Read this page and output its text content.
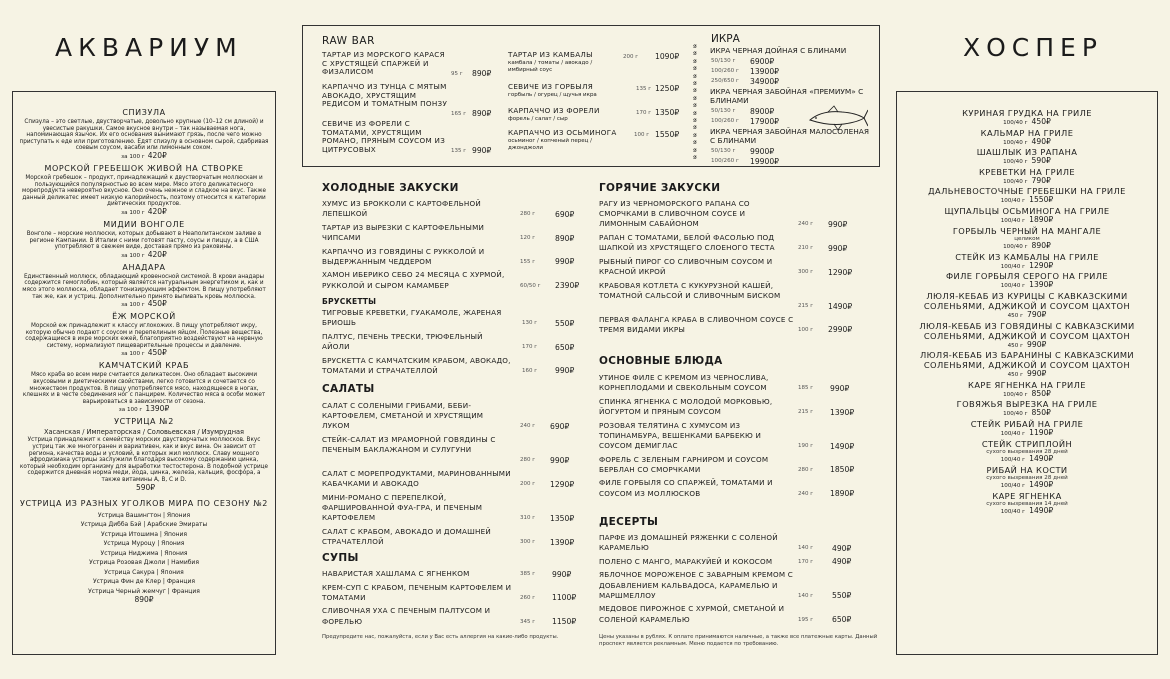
АКВАРИУМ
СПИЗУЛА

Спизула – это светлые, двустворчатые, довольно крупные (10–12 см длиной) и увесистые ракушки. Самое вкусное внутри – так называемая нога, напоминающая язычок. Их его основания вынимают грязь, после чего можно приступать к еде или приготовлению. Едят спизулу в основном сырой, сдабривая соевым соусом, васаби или лимонным соком.

за 100 г 420₽
МОРСКОЙ ГРЕБЕШОК ЖИВОЙ НА СТВОРКЕ

Морской гребешок – продукт, принадлежащий к двустворчатым моллюскам и пользующийся популярностью во всем мире. Мясо этого деликатесного морепродукта невероятно вкусное. Оно очень нежное и сладкое на вкус. Также данный деликатес имеет низкую калорийность, поэтому относится к категории диетических продуктов.

за 100 г 420₽
МИДИИ ВОНГОЛЕ

Вонголе – морские моллюски, которых добывают в Неаполитанском заливе в регионе Кампании. В Италии с ними готовят пасту, соусы и пиццу, а в США употребляют в свежем виде, доставая прямо из раковины.

за 100 г 420₽
АНАДАРА

Единственный моллюск, обладающий кровеносной системой. В крови анадары содержится гемоглобин, который является натуральным энергетиком и, как и мясо этого моллюска, обладает тонизирующим эффектом. В пищу употребляют так же, как и устриц. Дополнительно принято выпивать кровь моллюска.

за 100 г 450₽
ЁЖ МОРСКОЙ

Морской еж принадлежит к классу иглокожих. В пищу употребляют икру, которую обычно подают с соусом и перепелиным яйцом. Полезные вещества, содержащиеся в икре морских ежей, благоприятно воздействуют на нервную систему, нормализуют пищеварительные процессы и давление.

за 100 г 450₽
КАМЧАТСКИЙ КРАБ

Мясо краба во всем мире считается деликатесом. Оно обладает высокими вкусовыми и диетическими свойствами, легко готовится и сочетается со множеством продуктов. В пищу употребляется мясо, находящееся в ногах, клешнях и в честе соединения ног с панцирем. Количество мяса в особи может варьироваться в зависимости от сезона.

за 100 г 1390₽
УСТРИЦА №2
Хасанская / Императорская / Соловьевская / Изумрудная

Устрица принадлежит к семейству морских двустворчатых моллюсков. Вкус устриц так же многогранен и вариативен, как и вкус вина. Он зависит от региона, качества воды и условий, в которых жил моллюск. Славу мощного афродизиака устрицы заслужили благодаря высокому содержанию цинка, который необходим организму для выработки тестостерона. В подобной устрице содержится дневная норма меди, йода, цинка, железа, кальция, фосфора, а также витамины A, B, C и D.

590₽
УСТРИЦА ИЗ РАЗНЫХ УГОЛКОВ МИРА ПО СЕЗОНУ №2
Устрица Вашингтон | Япония
Устрица Дибба Бэй | Арабские Эмираты
Устрица Итошима | Япония
Устрица Муроцу | Япония
Устрица Ниджима | Япония
Устрица Розовая Джоли | Намибия
Устрица Сакура | Япония
Устрица Фин де Клер | Франция
Устрица Черный жемчуг | Франция
890₽
RAW BAR
ТАРТАР ИЗ МОРСКОГО КАРАСЯ С ХРУСТЯЩЕЙ СПАРЖЕЙ И ФИЗАЛИСОМ	95 г 890₽
КАРПАЧЧО ИЗ ТУНЦА С МЯТЫМ АВОКАДО, ХРУСТЯЩИМ РЕДИСОМ И ТОМАТНЫМ ПОНЗУ
165 г 890₽
СЕВИЧЕ ИЗ ФОРЕЛИ С ТОМАТАМИ, ХРУСТЯЩИМ РОМАНО, ПРЯНЫМ СОУСОМ ИЗ ЦИТРУСОВЫХ	135 г 990₽
ТАРТАР ИЗ КАМБАЛЫ
камбала / томаты / авокадо / имбирный соус
200 г 1090₽
СЕВИЧЕ ИЗ ГОРБЫЛЯ
горбыль / огурец / щучья икра
135 г 1250₽
КАРПАЧЧО ИЗ ФОРЕЛИ
форель / салат / сыр
170 г 1350₽
КАРПАЧЧО ИЗ ОСЬМИНОГА
осьминог / копченый перец / джонджоли
100 г 1550₽
ИКРА
ϧ
ϧ
ϧ
ϧ
ϧ
ϧ
ϧ
ϧ
ϧ
ϧ
ϧ
ϧ
ϧ
ϧ
ϧ
ϧ
ИКРА ЧЕРНАЯ ДОЙНАЯ С БЛИНАМИ
50/130 г 6900₽
100/260 г 13900₽
250/650 г 34900₽
ИКРА ЧЕРНАЯ ЗАБОЙНАЯ «ПРЕМИУМ» С БЛИНАМИ
50/130 г 8900₽
100/260 г 17900₽
ИКРА ЧЕРНАЯ ЗАБОЙНАЯ МАЛОСОЛЕНАЯ С БЛИНАМИ
50/130 г 9900₽
100/260 г 19900₽
ХОЛОДНЫЕ ЗАКУСКИ
ХУМУС ИЗ БРОККОЛИ С КАРТОФЕЛЬНОЙ ЛЕПЕШКОЙ	280 г	690₽
ТАРТАР ИЗ ВЫРЕЗКИ С КАРТОФЕЛЬНЫМИ ЧИПСАМИ	120 г	890₽
КАРПАЧЧО ИЗ ГОВЯДИНЫ С РУККОЛОЙ И ВЫДЕРЖАННЫМ ЧЕДДЕРОМ	155 г	990₽
ХАМОН ИБЕРИКО СЕБО 24 МЕСЯЦА С ХУРМОЙ, РУККОЛОЙ И СЫРОМ КАМАМБЕР	60/50 г 2390₽
БРУСКЕТТЫ
ТИГРОВЫЕ КРЕВЕТКИ, ГУАКАМОЛЕ, ЖАРЕНАЯ БРИОШЬ	130 г 550₽
ПАЛТУС, ПЕЧЕНЬ ТРЕСКИ, ТРЮФЕЛЬНЫЙ АЙОЛИ	170 г 650₽
БРУСКЕТТА С КАМЧАТСКИМ КРАБОМ, АВОКАДО, ТОМАТАМИ И СТРАЧАТЕЛЛОЙ	160 г 990₽
САЛАТЫ
САЛАТ С СОЛЕНЫМИ ГРИБАМИ, БЕБИ-КАРТОФЕЛЕМ, СМЕТАНОЙ И ХРУСТЯЩИМ ЛУКОМ	240 г 690₽
СТЕЙК-САЛАТ ИЗ МРАМОРНОЙ ГОВЯДИНЫ С ПЕЧЕНЫМ БАКЛАЖАНОМ И СУЛУГУНИ
280 г 990₽
САЛАТ С МОРЕПРОДУКТАМИ, МАРИНОВАННЫМИ КАБАЧКАМИ И АВОКАДО	200 г 1290₽
МИНИ-РОМАНО С ПЕРЕПЕЛКОЙ, ФАРШИРОВАННОЙ ФУА-ГРА, И ПЕЧЕНЫМ КАРТОФЕЛЕМ	310 г 1350₽
САЛАТ С КРАБОМ, АВОКАДО И ДОМАШНЕЙ СТРАЧАТЕЛЛОЙ	300 г 1390₽
СУПЫ
НАВАРИСТАЯ ХАШЛАМА С ЯГНЕНКОМ	385 г 990₽
КРЕМ-СУП С КРАБОМ, ПЕЧЕНЫМ КАРТОФЕЛЕМ И ТОМАТАМИ	260 г 1100₽
СЛИВОЧНАЯ УХА С ПЕЧЕНЫМ ПАЛТУСОМ И ФОРЕЛЬЮ	345 г 1150₽
Предупредите нас, пожалуйста, если у Вас есть аллергия на какие-либо продукты.
ГОРЯЧИЕ ЗАКУСКИ
РАГУ ИЗ ЧЕРНОМОРСКОГО РАПАНА СО СМОРЧКАМИ В СЛИВОЧНОМ СОУСЕ И ЛИМОННЫМ САБАЙОНОМ	240 г 990₽
РАПАН С ТОМАТАМИ, БЕЛОЙ ФАСОЛЬЮ ПОД ШАПКОЙ ИЗ ХРУСТЯЩЕГО СЛОЕНОГО ТЕСТА	210 г 990₽
РЫБНЫЙ ПИРОГ СО СЛИВОЧНЫМ СОУСОМ И КРАСНОЙ ИКРОЙ	300 г 1290₽
КРАБОВАЯ КОТЛЕТА С КУКУРУЗНОЙ КАШЕЙ, ТОМАТНОЙ САЛЬСОЙ И СЛИВОЧНЫМ БИСКОМ
215 г 1490₽
ПЕРВАЯ ФАЛАНГА КРАБА В СЛИВОЧНОМ СОУСЕ С ТРЕМЯ ВИДАМИ ИКРЫ	100 г 2990₽
ОСНОВНЫЕ БЛЮДА
УТИНОЕ ФИЛЕ С КРЕМОМ ИЗ ЧЕРНОСЛИВА, КОРНЕПЛОДАМИ И СВЕКОЛЬНЫМ СОУСОМ	185 г 990₽
СПИНКА ЯГНЕНКА С МОЛОДОЙ МОРКОВЬЮ, ЙОГУРТОМ И ПРЯНЫМ СОУСОМ	215 г 1390₽
РОЗОВАЯ ТЕЛЯТИНА С ХУМУСОМ ИЗ ТОПИНАМБУРА, ВЕШЕНКАМИ БАРБЕКЮ И СОУСОМ ДЕМИГЛАС	190 г 1490₽
ФОРЕЛЬ С ЗЕЛЕНЫМ ГАРНИРОМ И СОУСОМ БЕРБЛАН СО СМОРЧКАМИ	280 г 1850₽
ФИЛЕ ГОРБЫЛЯ СО СПАРЖЕЙ, ТОМАТАМИ И СОУСОМ ИЗ МОЛЛЮСКОВ	240 г 1890₽
ДЕСЕРТЫ
ПАРФЕ ИЗ ДОМАШНЕЙ РЯЖЕНКИ С СОЛЕНОЙ КАРАМЕЛЬЮ	140 г 490₽
ПОЛЕНО С МАНГО, МАРАКУЙЕЙ И КОКОСОМ	170 г 490₽
ЯБЛОЧНОЕ МОРОЖЕНОЕ С ЗАВАРНЫМ КРЕМОМ С ДОБАВЛЕНИЕМ КАЛЬВАДОСА, КАРАМЕЛЬЮ И МАРШМЕЛЛОУ	140 г 550₽
МЕДОВОЕ ПИРОЖНОЕ С ХУРМОЙ, СМЕТАНОЙ И СОЛЕНОЙ КАРАМЕЛЬЮ	195 г 650₽
Цены указаны в рублях. К оплате принимаются наличные, а также все платежные карты. Данный проспект является рекламным. Меню подается по требованию.
ХОСПЕР
КУРИНАЯ ГРУДКА НА ГРИЛЕ
100/40 г 450₽
КАЛЬМАР НА ГРИЛЕ
100/40 г 490₽
ШАШЛЫК ИЗ РАПАНА
100/40 г 590₽
КРЕВЕТКИ НА ГРИЛЕ
100/40 г 790₽
ДАЛЬНЕВОСТОЧНЫЕ ГРЕБЕШКИ НА ГРИЛЕ
100/40 г 1550₽
ЩУПАЛЬЦЫ ОСЬМИНОГА НА ГРИЛЕ
100/40 г 1890₽
ГОРБЫЛЬ ЧЕРНЫЙ НА МАНГАЛЕ
целиком
100/40 г 890₽
СТЕЙК ИЗ КАМБАЛЫ НА ГРИЛЕ
100/40 г 1290₽
ФИЛЕ ГОРБЫЛЯ СЕРОГО НА ГРИЛЕ
100/40 г 1390₽
ЛЮЛЯ-КЕБАБ ИЗ КУРИЦЫ С КАВКАЗСКИМИ СОЛЕНЬЯМИ, АДЖИКОЙ И СОУСОМ ЦАХТОН
450 г 790₽
ЛЮЛЯ-КЕБАБ ИЗ ГОВЯДИНЫ С КАВКАЗСКИМИ СОЛЕНЬЯМИ, АДЖИКОЙ И СОУСОМ ЦАХТОН
450 г 990₽
ЛЮЛЯ-КЕБАБ ИЗ БАРАНИНЫ С КАВКАЗСКИМИ СОЛЕНЬЯМИ, АДЖИКОЙ И СОУСОМ ЦАХТОН
450 г 990₽
КАРЕ ЯГНЕНКА НА ГРИЛЕ
100/40 г 850₽
ГОВЯЖЬЯ ВЫРЕЗКА НА ГРИЛЕ
100/40 г 850₽
СТЕЙК РИБАЙ НА ГРИЛЕ
100/40 г 1190₽
СТЕЙК СТРИПЛОЙН
сухого вызревания 28 дней
100/40 г 1490₽
РИБАЙ НА КОСТИ
сухого вызревания 28 дней
100/40 г 1490₽
КАРЕ ЯГНЕНКА
сухого вызревания 14 дней
100/40 г 1490₽
